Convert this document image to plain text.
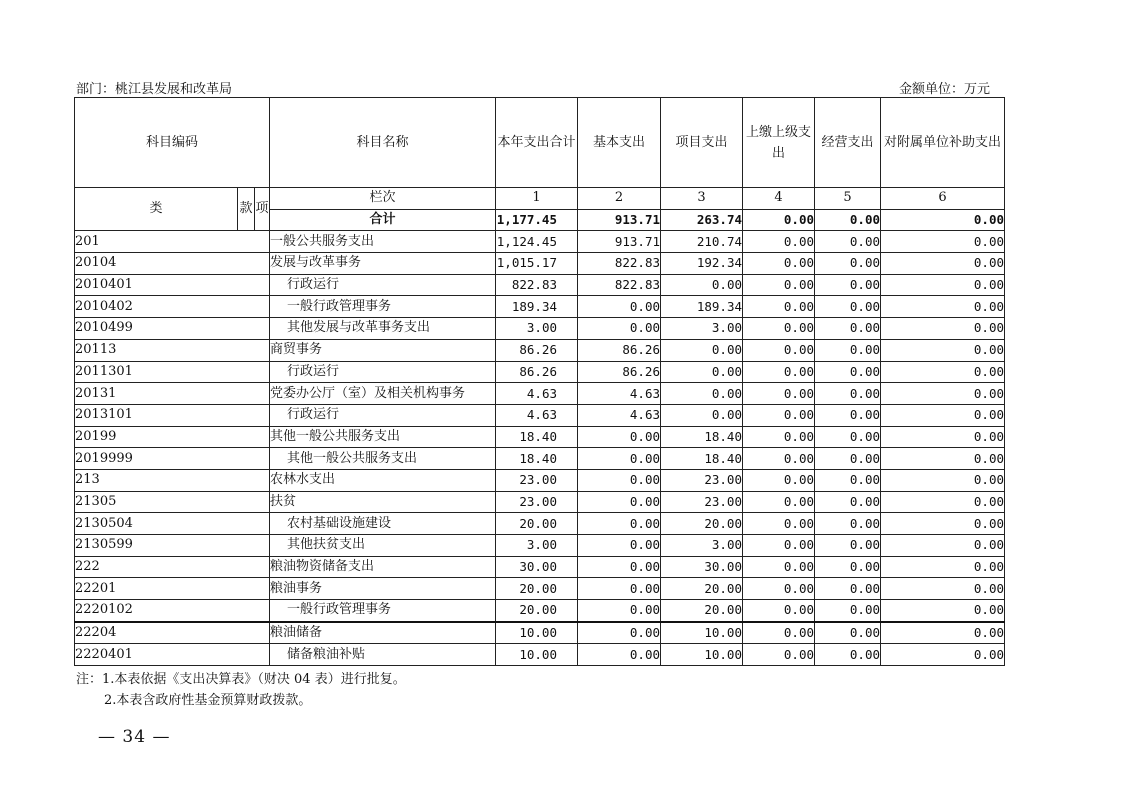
部门：桃江县发展和改革局	金额单位：万元
科目编码			科目名称	本年支出合计	基本支出	项目支出	上缴上级支出	经营支出	对附属单位补助支出
类	款	项	栏次	1	2	3	4	5	6
			合计	1,177.45	913.71	263.74	0.00	0.00	0.00
201			一般公共服务支出	1,124.45	913.71	210.74	0.00	0.00	0.00
20104			发展与改革事务	1,015.17	822.83	192.34	0.00	0.00	0.00
2010401			行政运行	822.83	822.83	0.00	0.00	0.00	0.00
2010402			一般行政管理事务	189.34	0.00	189.34	0.00	0.00	0.00
2010499			其他发展与改革事务支出	3.00	0.00	3.00	0.00	0.00	0.00
20113			商贸事务	86.26	86.26	0.00	0.00	0.00	0.00
2011301			行政运行	86.26	86.26	0.00	0.00	0.00	0.00
20131			党委办公厅（室）及相关机构事务	4.63	4.63	0.00	0.00	0.00	0.00
2013101			行政运行	4.63	4.63	0.00	0.00	0.00	0.00
20199			其他一般公共服务支出	18.40	0.00	18.40	0.00	0.00	0.00
2019999			其他一般公共服务支出	18.40	0.00	18.40	0.00	0.00	0.00
213			农林水支出	23.00	0.00	23.00	0.00	0.00	0.00
21305			扶贫	23.00	0.00	23.00	0.00	0.00	0.00
2130504			农村基础设施建设	20.00	0.00	20.00	0.00	0.00	0.00
2130599			其他扶贫支出	3.00	0.00	3.00	0.00	0.00	0.00
222			粮油物资储备支出	30.00	0.00	30.00	0.00	0.00	0.00
22201			粮油事务	20.00	0.00	20.00	0.00	0.00	0.00
2220102			一般行政管理事务	20.00	0.00	20.00	0.00	0.00	0.00
22204			粮油储备	10.00	0.00	10.00	0.00	0.00	0.00
2220401			储备粮油补贴	10.00	0.00	10.00	0.00	0.00	0.00
注：1.本表依据《支出决算表》（财决 04 表）进行批复。
2.本表含政府性基金预算财政拨款。
— 34 —
